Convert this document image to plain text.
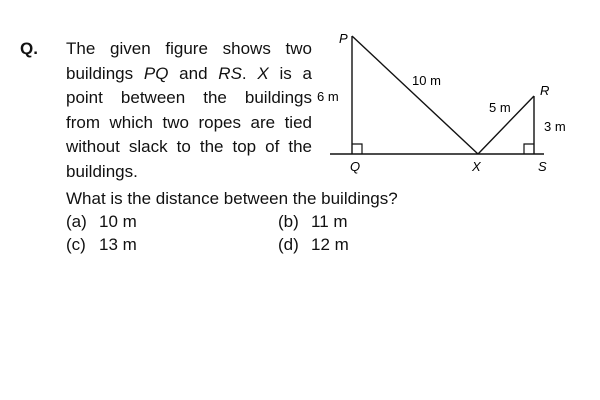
Q. The given figure shows two
buildings PQ and RS. X is a
point between the buildings
from which two ropes are tied
without slack to the top of the
buildings.
P
Q	X	S
R
6 m
10 m
5 m
3 m
What is the distance between the buildings?
(a) 10 m	(b) 11 m
(c) 13 m	(d) 12 m
